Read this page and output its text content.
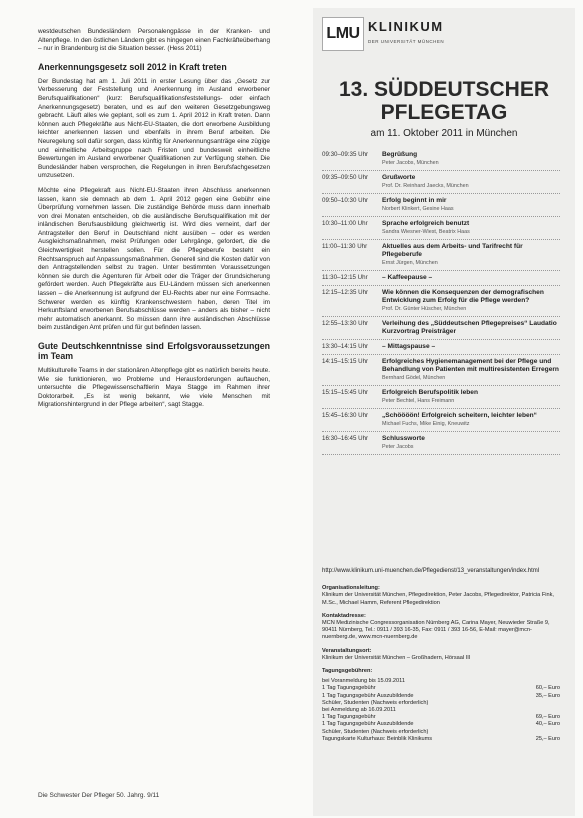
westdeutschen Bundesländern Personalengpässe in der Kranken- und Altenpflege. In den östlichen Ländern gibt es hingegen einen Fachkräfteüberhang – nur in Brandenburg ist die Situation besser. (Hess 2011)

Anerkennungsgesetz soll 2012 in Kraft treten

Der Bundestag hat am 1. Juli 2011 in erster Lesung über das „Gesetz zur Verbesserung der Feststellung und Anerkennung im Ausland erworbener Berufsqualifikationen“ (kurz: Berufsqualifikationsfeststellungs- oder einfach Anerkennungsgesetz) beraten, und es auf den weiteren Gesetzgebungsweg gebracht. Läuft alles wie geplant, soll es zum 1. April 2012 in Kraft treten. Dann können auch Pflegekräfte aus Nicht-EU-Staaten, die dort erworbene Ausbildung leichter anerkennen lassen und ebenfalls in ihrem Beruf arbeiten. Die Neuregelung soll dafür sorgen, dass künftig für Anerkennungsanträge eine zügige und einheitliche Arbeitsgruppe nach Fristen und bundesweit einheitliche Bewertungen im Ausland erworbener Qualifikationen zur Verfügung stehen. Die Bundesländer haben versprochen, die Regelungen in ihren Berufsfachgesetzen umzusetzen.

Möchte eine Pflegekraft aus Nicht-EU-Staaten ihren Abschluss anerkennen lassen, kann sie demnach ab dem 1. April 2012 gegen eine Gebühr eine Überprüfung vornehmen lassen. Die zuständige Behörde muss dann innerhalb von drei Monaten entscheiden, ob die ausländische Berufsqualifikation mit der inländischen Berufsausbildung gleichwertig ist. Wird dies verneint, darf der Antragsteller den Beruf in Deutschland nicht ausüben – oder es werden Ausgleichsmaßnahmen, meist Prüfungen oder Lehrgänge, gefordert, die die Gleichwertigkeit herstellen sollen. Für die Pflegeberufe besteht ein Rechtsanspruch auf Anpassungsmaßnahmen. Generell sind die Kosten dafür von den Antragstellenden selbst zu tragen. Unter bestimmten Voraussetzungen können sie durch die Agenturen für Arbeit oder die Träger der Grundsicherung gefördert werden. Auch Pflegekräfte aus EU-Ländern müssen sich anerkennen lassen – die Anerkennung ist aufgrund der EU-Rechts aber nur eine Formsache. Schwerer werden es künftig Krankenschwestern haben, deren Titel im Herkunftsland erworbenen Berufsabschlüsse werden – anders als bisher – nicht mehr automatisch anerkannt. So müssen dann ihre ausländischen Abschlüsse beim zuständigen Amt prüfen und für gut befinden lassen.

Gute Deutschkenntnisse sind Erfolgsvoraussetzungen im Team

Multikulturelle Teams in der stationären Altenpflege gibt es natürlich bereits heute. Wie sie funktionieren, wo Probleme und Herausforderungen auftauchen, untersuchte die Pflegewissenschaftlerin Maya Stagge im Rahmen ihrer Doktorarbeit. „Es ist wenig bekannt, wie viele Menschen mit Migrationshintergrund in der Pflege arbeiten“, sagt Stagge.

Die Schwester Der Pfleger 50. Jahrg. 9/11
LMU KLINIKUM
DER UNIVERSITÄT MÜNCHEN
13. SÜDDEUTSCHER PFLEGETAG
am 11. Oktober 2011 in München
09:30–09:35 Uhr	Begrüßung
Peter Jacobs, München
09:35–09:50 Uhr	Grußworte
Prof. Dr. Reinhard Jaecks, München
09:50–10:30 Uhr	Erfolg beginnt in mir
Norbert Klinkert, Gesine Haas
10:30–11:00 Uhr	Sprache erfolgreich benutzt
Sandra Wiesner-Wiest, Beatrix Haas
11:00–11:30 Uhr	Aktuelles aus dem Arbeits- und Tarifrecht für Pflegeberufe
Ernst Jürgen, München
11:30–12:15 Uhr	– Kaffeepause –
12:15–12:35 Uhr	Wie können die Konsequenzen der demografischen Entwicklung zum Erfolg für die Pflege werden?
Prof. Dr. Günter Hüscher, München
12:55–13:30 Uhr	Verleihung des „Süddeutschen Pflegepreises“ Laudatio Kurzvortrag Preisträger
13:30–14:15 Uhr	– Mittagspause –
14:15–15:15 Uhr	Erfolgreiches Hygienemanagement bei der Pflege und Behandlung von Patienten mit multiresistenten Erregern
Bernhard Gödel, München
15:15–15:45 Uhr	Erfolgreich Berufspolitik leben
Peter Bechtel, Hans Freimann
15:45–16:30 Uhr	„Schöööön! Erfolgreich scheitern, leichter leben“
Michael Fuchs, Mike Einig, Kneuwitz
16:30–16:45 Uhr	Schlussworte
Peter Jacobs
http://www.klinikum.uni-muenchen.de/Pflegedienst/13_veranstaltungen/index.html
Organisationsleitung:
Klinikum der Universität München, Pflegedirektion, Peter Jacobs, Pflegedirektor, Patricia Fink, M.Sc., Michael Hamm, Referent Pflegedirektion
Kontaktadresse:
MCN Medizinische Congressorganisation Nürnberg AG, Carina Mayer, Neuwieder Straße 9, 90411 Nürnberg, Tel.: 0911 / 393 16-35, Fax: 0911 / 393 16-56, E-Mail: mayer@mcn-nuernberg.de, www.mcn-nuernberg.de
Veranstaltungsort:
Klinikum der Universität München – Großhadern, Hörsaal III
Tagungsgebühren:
bei Voranmeldung bis 15.09.2011
1 Tag Tagungsgebühr	60,– Euro
1 Tag Tagungsgebühr Auszubildende	35,– Euro
Schüler, Studenten (Nachweis erforderlich)
bei Anmeldung ab 16.09.2011
1 Tag Tagungsgebühr	69,– Euro
1 Tag Tagungsgebühr Auszubildende	40,– Euro
Schüler, Studenten (Nachweis erforderlich)
Tagungskarte Kulturhaus: Beinblik Klinikums	25,– Euro
